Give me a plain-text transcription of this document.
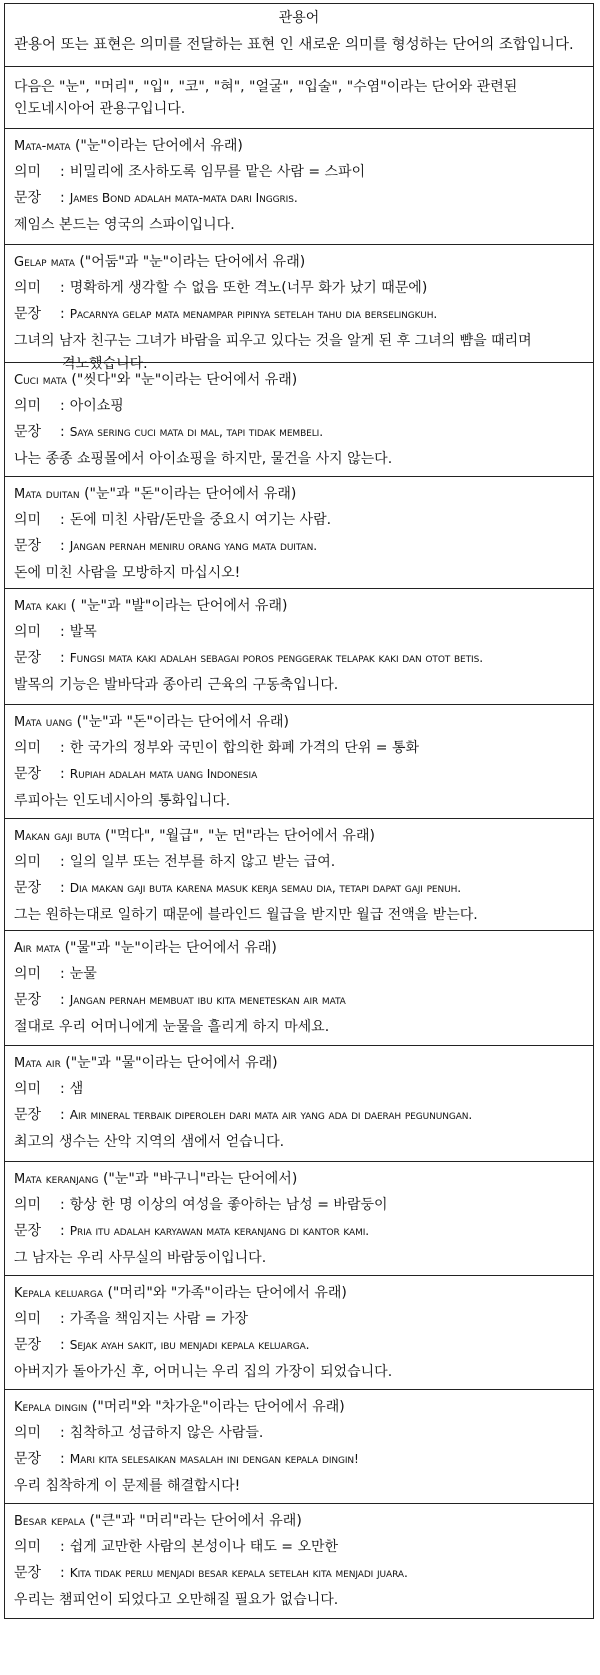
관용어
관용어 또는 표현은 의미를 전달하는 표현 인 새로운 의미를 형성하는 단어의 조합입니다.
다음은 "눈", "머리", "입", "코", "혀", "얼굴", "입술", "수염"이라는 단어와 관련된
인도네시아어 관용구입니다.
Mata-mata ("눈"이라는 단어에서 유래)
의미 : 비밀리에 조사하도록 임무를 맡은 사람 = 스파이
문장 : James Bond adalah mata-mata dari Inggris.
제임스 본드는 영국의 스파이입니다.
Gelap mata ("어둠"과 "눈"이라는 단어에서 유래)
의미 : 명확하게 생각할 수 없음 또한 격노(너무 화가 났기 때문에)
문장 : Pacarnya gelap mata menampar pipinya setelah tahu dia berselingkuh.
그녀의 남자 친구는 그녀가 바람을 피우고 있다는 것을 알게 된 후 그녀의 뺨을 때리며
격노했습니다.
Cuci mata ("씻다"와 "눈"이라는 단어에서 유래)
의미 : 아이쇼핑
문장 : Saya sering cuci mata di mal, tapi tidak membeli.
나는 종종 쇼핑몰에서 아이쇼핑을 하지만, 물건을 사지 않는다.
Mata duitan ("눈"과 "돈"이라는 단어에서 유래)
의미 : 돈에 미친 사람/돈만을 중요시 여기는 사람.
문장 : Jangan pernah meniru orang yang mata duitan.
돈에 미친 사람을 모방하지 마십시오!
Mata kaki ( "눈"과 "발"이라는 단어에서 유래)
의미 : 발목
문장 : Fungsi mata kaki adalah sebagai poros penggerak telapak kaki dan otot betis.
발목의 기능은 발바닥과 종아리 근육의 구동축입니다.
Mata uang ("눈"과 "돈"이라는 단어에서 유래)
의미 : 한 국가의 정부와 국민이 합의한 화폐 가격의 단위 = 통화
문장 : Rupiah adalah mata uang Indonesia
루피아는 인도네시아의 통화입니다.
Makan gaji buta ("먹다", "월급", "눈 먼"라는 단어에서 유래)
의미 : 일의 일부 또는 전부를 하지 않고 받는 급여.
문장 : Dia makan gaji buta karena masuk kerja semau dia, tetapi dapat gaji penuh.
그는 원하는대로 일하기 때문에 블라인드 월급을 받지만 월급 전액을 받는다.
Air mata ("물"과 "눈"이라는 단어에서 유래)
의미 : 눈물
문장 : Jangan pernah membuat ibu kita meneteskan air mata
절대로 우리 어머니에게 눈물을 흘리게 하지 마세요.
Mata air ("눈"과 "물"이라는 단어에서 유래)
의미 : 샘
문장 : Air mineral terbaik diperoleh dari mata air yang ada di daerah pegunungan.
최고의 생수는 산악 지역의 샘에서 얻습니다.
Mata keranjang ("눈"과 "바구니"라는 단어에서)
의미 : 항상 한 명 이상의 여성을 좋아하는 남성 = 바람둥이
문장 : Pria itu adalah karyawan mata keranjang di kantor kami.
그 남자는 우리 사무실의 바람둥이입니다.
Kepala keluarga ("머리"와 "가족"이라는 단어에서 유래)
의미 : 가족을 책임지는 사람 = 가장
문장 : Sejak ayah sakit, ibu menjadi kepala keluarga.
아버지가 돌아가신 후, 어머니는 우리 집의 가장이 되었습니다.
Kepala dingin ("머리"와 "차가운"이라는 단어에서 유래)
의미 : 침착하고 성급하지 않은 사람들.
문장 : Mari kita selesaikan masalah ini dengan kepala dingin!
우리 침착하게 이 문제를 해결합시다!
Besar kepala ("큰"과 "머리"라는 단어에서 유래)
의미 : 쉽게 교만한 사람의 본성이나 태도 = 오만한
문장 : Kita tidak perlu menjadi besar kepala setelah kita menjadi juara.
우리는 챔피언이 되었다고 오만해질 필요가 없습니다.
